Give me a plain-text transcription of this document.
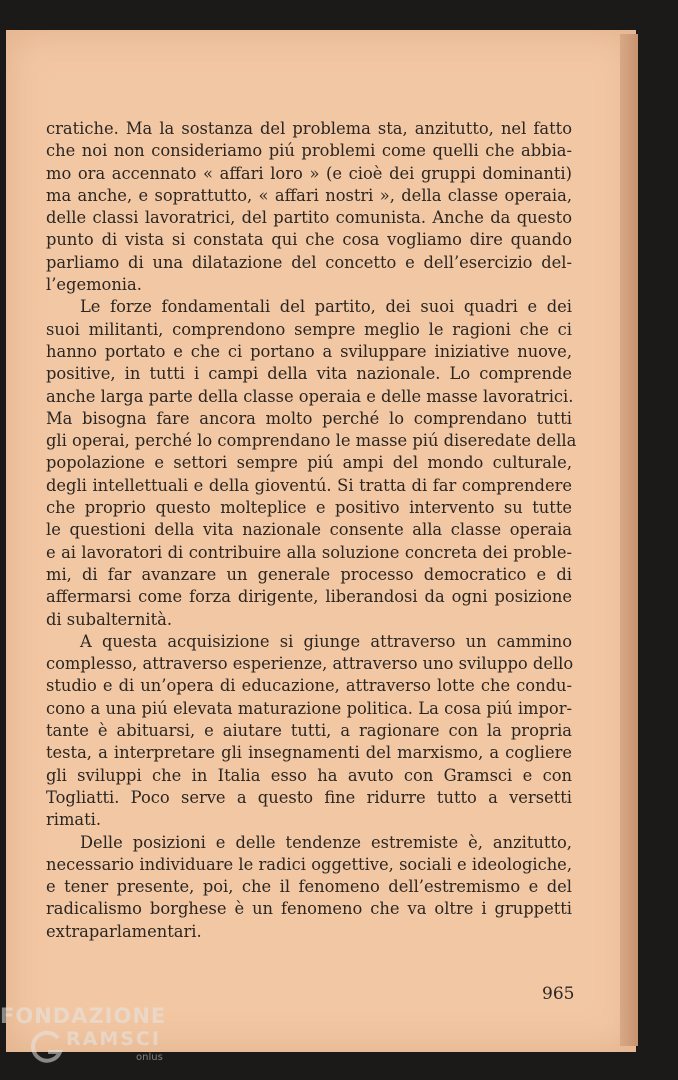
cratiche. Ma la sostanza del problema sta, anzitutto, nel fatto
che noi non consideriamo piú problemi come quelli che abbia-
mo ora accennato « affari loro » (e cioè dei gruppi dominanti)
ma anche, e soprattutto, « affari nostri », della classe operaia,
delle classi lavoratrici, del partito comunista. Anche da questo
punto di vista si constata qui che cosa vogliamo dire quando
parliamo di una dilatazione del concetto e dell’esercizio del-
l’egemonia.
Le forze fondamentali del partito, dei suoi quadri e dei
suoi militanti, comprendono sempre meglio le ragioni che ci
hanno portato e che ci portano a sviluppare iniziative nuove,
positive, in tutti i campi della vita nazionale. Lo comprende
anche larga parte della classe operaia e delle masse lavoratrici.
Ma bisogna fare ancora molto perché lo comprendano tutti
gli operai, perché lo comprendano le masse piú diseredate della
popolazione e settori sempre piú ampi del mondo culturale,
degli intellettuali e della gioventú. Si tratta di far comprendere
che proprio questo molteplice e positivo intervento su tutte
le questioni della vita nazionale consente alla classe operaia
e ai lavoratori di contribuire alla soluzione concreta dei proble-
mi, di far avanzare un generale processo democratico e di
affermarsi come forza dirigente, liberandosi da ogni posizione
di subalternità.
A questa acquisizione si giunge attraverso un cammino
complesso, attraverso esperienze, attraverso uno sviluppo dello
studio e di un’opera di educazione, attraverso lotte che condu-
cono a una piú elevata maturazione politica. La cosa piú impor-
tante è abituarsi, e aiutare tutti, a ragionare con la propria
testa, a interpretare gli insegnamenti del marxismo, a cogliere
gli sviluppi che in Italia esso ha avuto con Gramsci e con
Togliatti. Poco serve a questo fine ridurre tutto a versetti
rimati.
Delle posizioni e delle tendenze estremiste è, anzitutto,
necessario individuare le radici oggettive, sociali e ideologiche,
e tener presente, poi, che il fenomeno dell’estremismo e del
radicalismo borghese è un fenomeno che va oltre i gruppetti
extraparlamentari.
965
FONDAZIONE
RAMSCI
onlus
